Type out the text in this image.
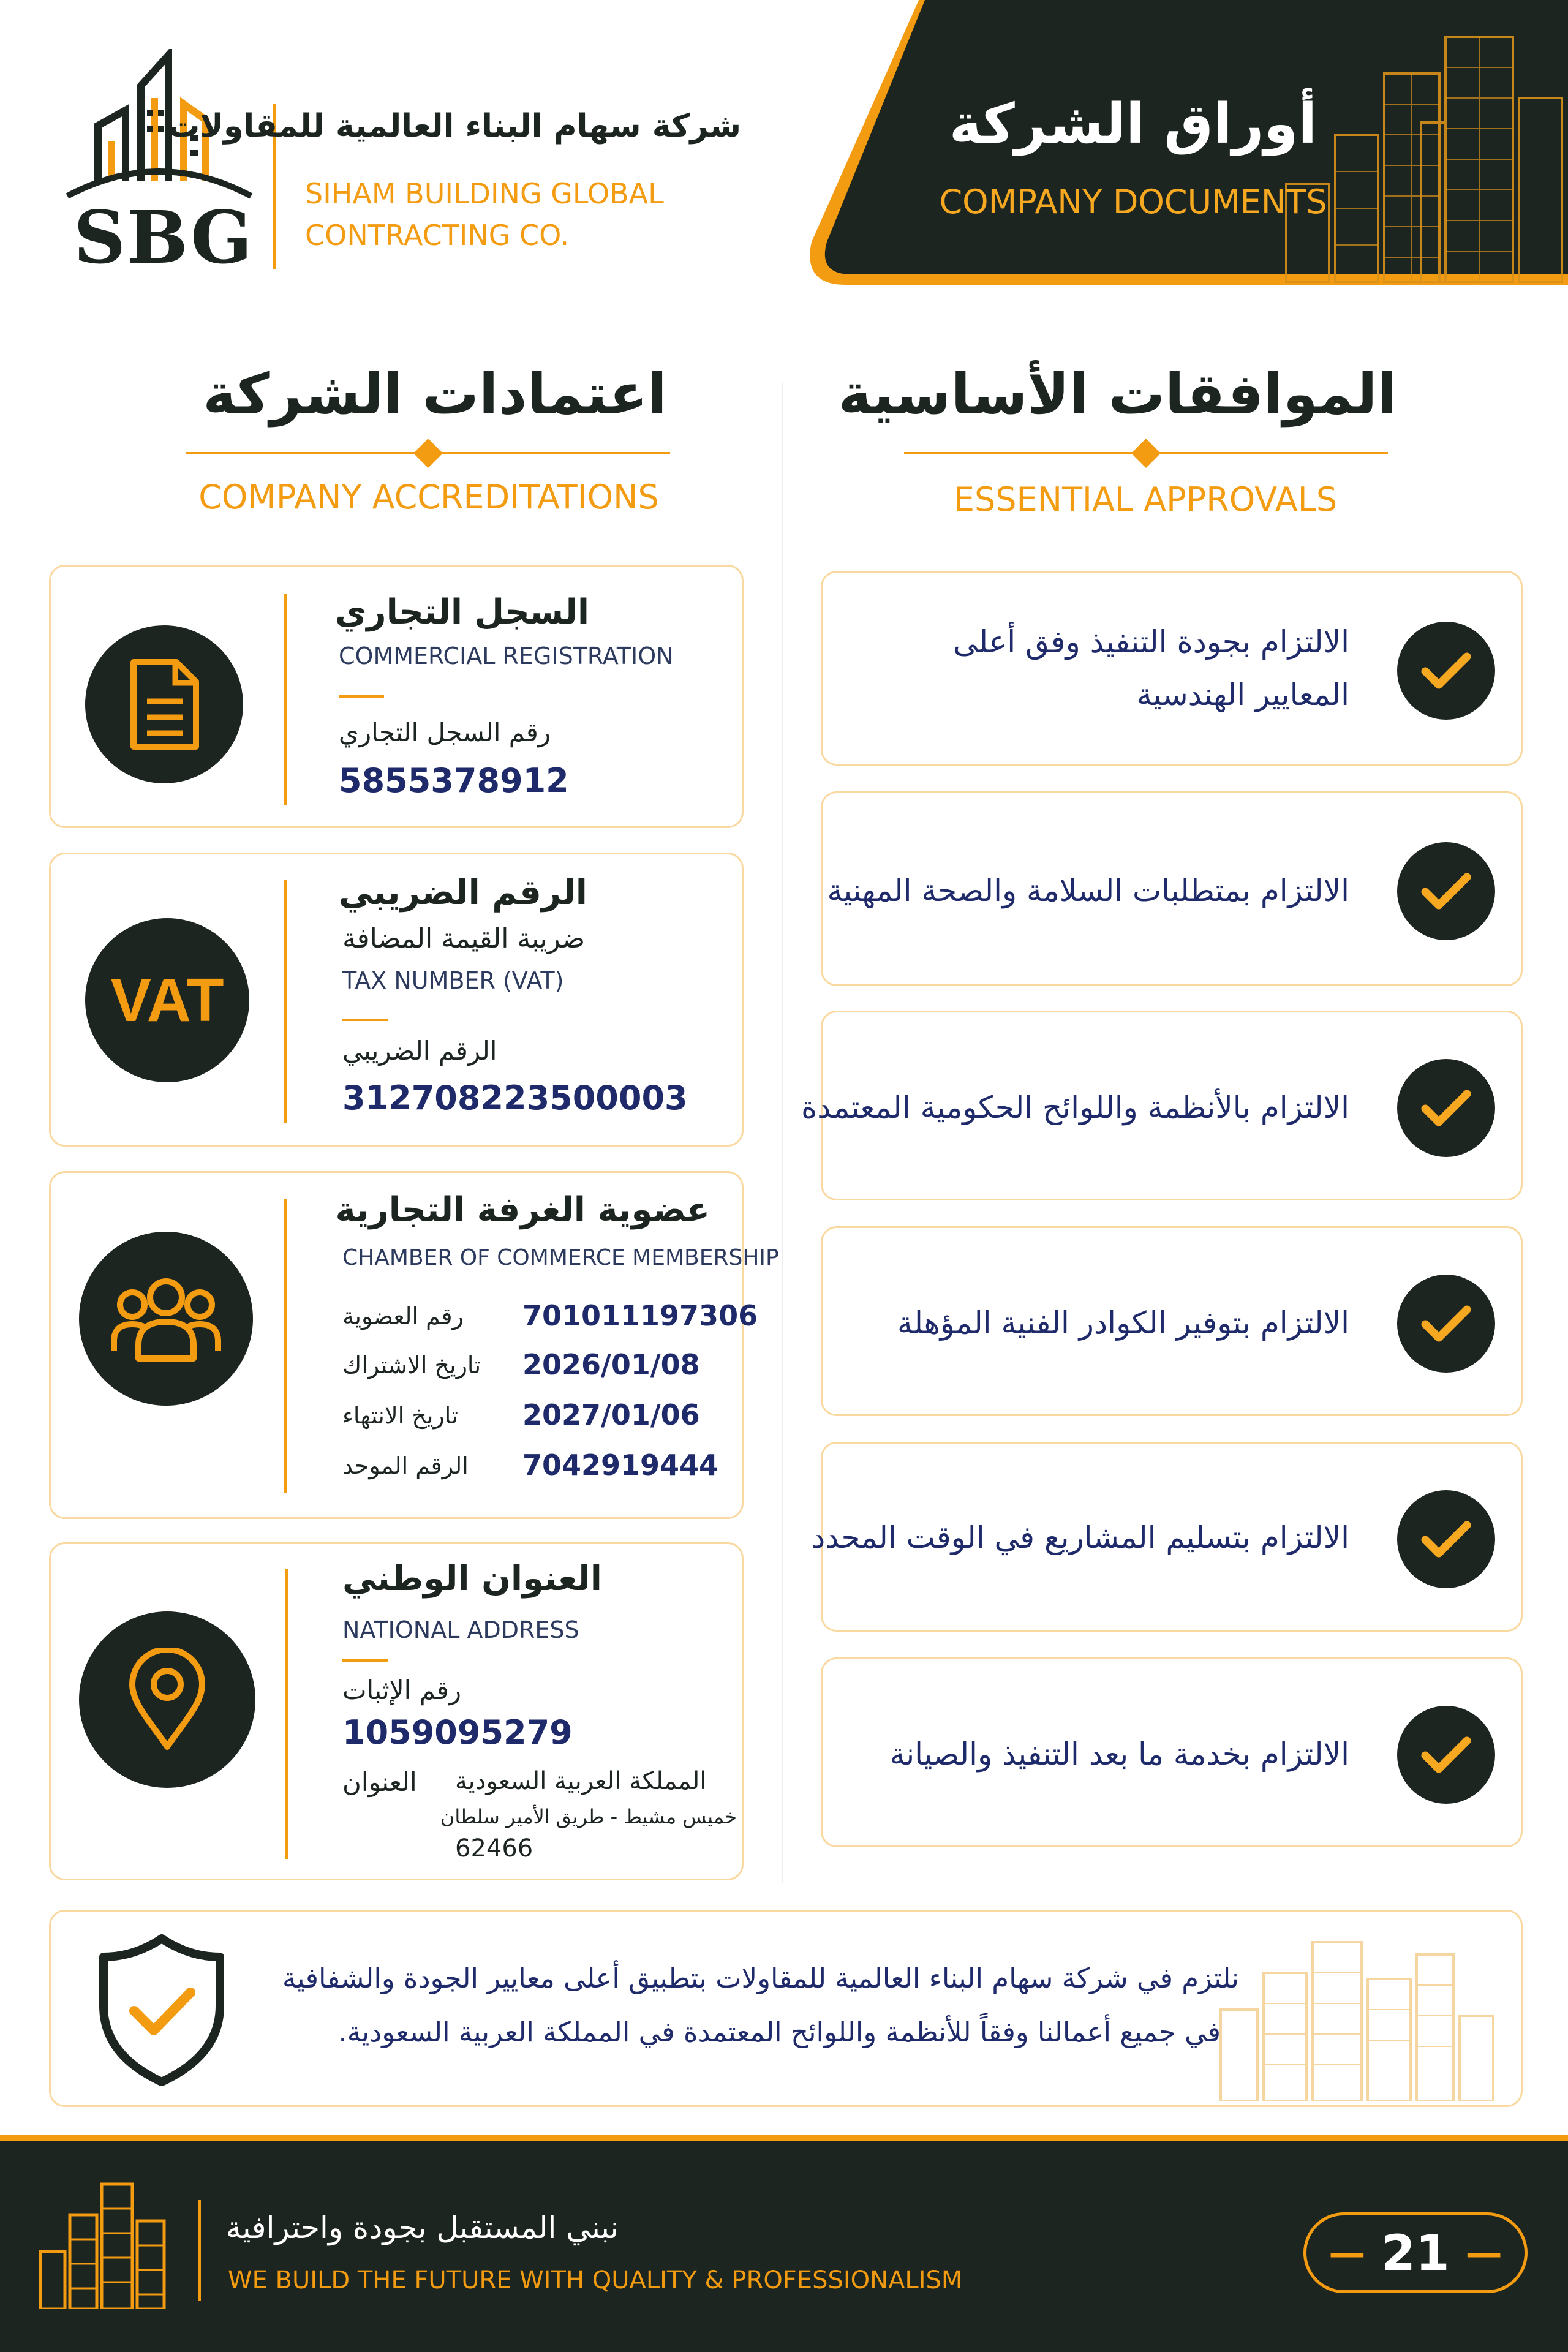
SBG
شركة سهام البناء العالمية للمقاولات
SIHAM BUILDING GLOBAL
CONTRACTING CO.
أوراق الشركة
COMPANY DOCUMENTS
اعتمادات الشركة
COMPANY ACCREDITATIONS
الموافقات الأساسية
ESSENTIAL APPROVALS
السجل التجاري
COMMERCIAL REGISTRATION
رقم السجل التجاري
5855378912
VAT
الرقم الضريبي
ضريبة القيمة المضافة
TAX NUMBER (VAT)
الرقم الضريبي
312708223500003
عضوية الغرفة التجارية
CHAMBER OF COMMERCE MEMBERSHIP
رقم العضوية	701011197306
تاريخ الاشتراك	2026/01/08
تاريخ الانتهاء	2027/01/06
الرقم الموحد	7042919444
العنوان الوطني
NATIONAL ADDRESS
رقم الإثبات
1059095279
العنوان	المملكة العربية السعودية
خميس مشيط - طريق الأمير سلطان
62466
الالتزام بجودة التنفيذ وفق أعلى المعايير الهندسية
الالتزام بمتطلبات السلامة والصحة المهنية
الالتزام بالأنظمة واللوائح الحكومية المعتمدة
الالتزام بتوفير الكوادر الفنية المؤهلة
الالتزام بتسليم المشاريع في الوقت المحدد
الالتزام بخدمة ما بعد التنفيذ والصيانة
نلتزم في شركة سهام البناء العالمية للمقاولات بتطبيق أعلى معايير الجودة والشفافية
في جميع أعمالنا وفقاً للأنظمة واللوائح المعتمدة في المملكة العربية السعودية.
نبني المستقبل بجودة واحترافية
WE BUILD THE FUTURE WITH QUALITY & PROFESSIONALISM
— 21 —
